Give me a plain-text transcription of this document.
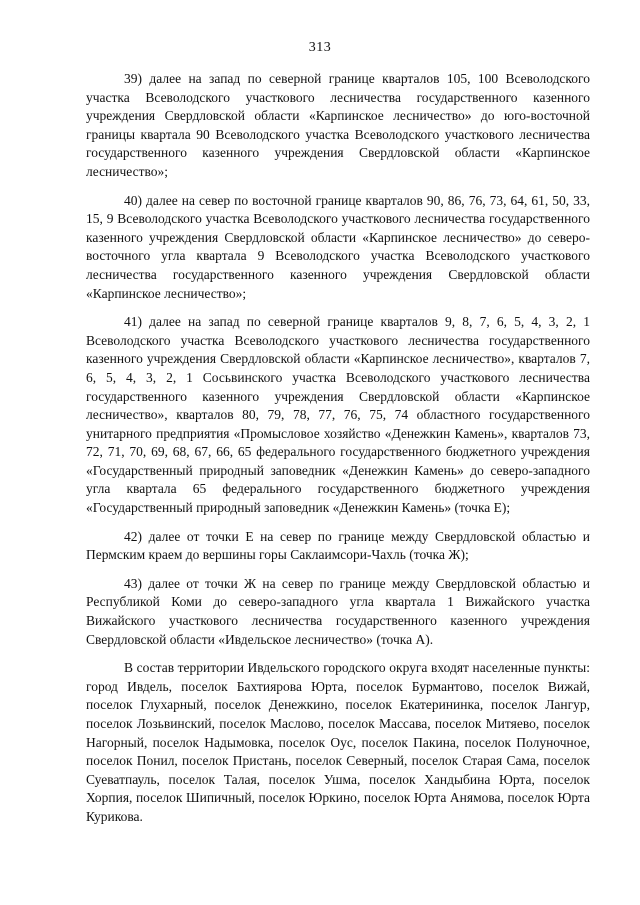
313

39) далее на запад по северной границе кварталов 105, 100 Всеволодского участка Всеволодского участкового лесничества государственного казенного учреждения Свердловской области «Карпинское лесничество» до юго-восточной границы квартала 90 Всеволодского участка Всеволодского участкового лесничества государственного казенного учреждения Свердловской области «Карпинское лесничество»;

40) далее на север по восточной границе кварталов 90, 86, 76, 73, 64, 61, 50, 33, 15, 9 Всеволодского участка Всеволодского участкового лесничества государственного казенного учреждения Свердловской области «Карпинское лесничество» до северо-восточного угла квартала 9 Всеволодского участка Всеволодского участкового лесничества государственного казенного учреждения Свердловской области «Карпинское лесничество»;

41) далее на запад по северной границе кварталов 9, 8, 7, 6, 5, 4, 3, 2, 1 Всеволодского участка Всеволодского участкового лесничества государственного казенного учреждения Свердловской области «Карпинское лесничество», кварталов 7, 6, 5, 4, 3, 2, 1 Сосьвинского участка Всеволодского участкового лесничества государственного казенного учреждения Свердловской области «Карпинское лесничество», кварталов 80, 79, 78, 77, 76, 75, 74 областного государственного унитарного предприятия «Промысловое хозяйство «Денежкин Камень», кварталов 73, 72, 71, 70, 69, 68, 67, 66, 65 федерального государственного бюджетного учреждения «Государственный природный заповедник «Денежкин Камень» до северо-западного угла квартала 65 федерального государственного бюджетного учреждения «Государственный природный заповедник «Денежкин Камень» (точка Е);

42) далее от точки Е на север по границе между Свердловской областью и Пермским краем до вершины горы Саклаимсори-Чахль (точка Ж);

43) далее от точки Ж на север по границе между Свердловской областью и Республикой Коми до северо-западного угла квартала 1 Вижайского участка Вижайского участкового лесничества государственного казенного учреждения Свердловской области «Ивдельское лесничество» (точка А).

В состав территории Ивдельского городского округа входят населенные пункты: город Ивдель, поселок Бахтиярова Юрта, поселок Бурмантово, поселок Вижай, поселок Глухарный, поселок Денежкино, поселок Екатерининка, поселок Лангур, поселок Лозьвинский, поселок Маслово, поселок Массава, поселок Митяево, поселок Нагорный, поселок Надымовка, поселок Оус, поселок Пакина, поселок Полуночное, поселок Понил, поселок Пристань, поселок Северный, поселок Старая Сама, поселок Суеватпауль, поселок Талая, поселок Ушма, поселок Хандыбина Юрта, поселок Хорпия, поселок Шипичный, поселок Юркино, поселок Юрта Анямова, поселок Юрта Курикова.
